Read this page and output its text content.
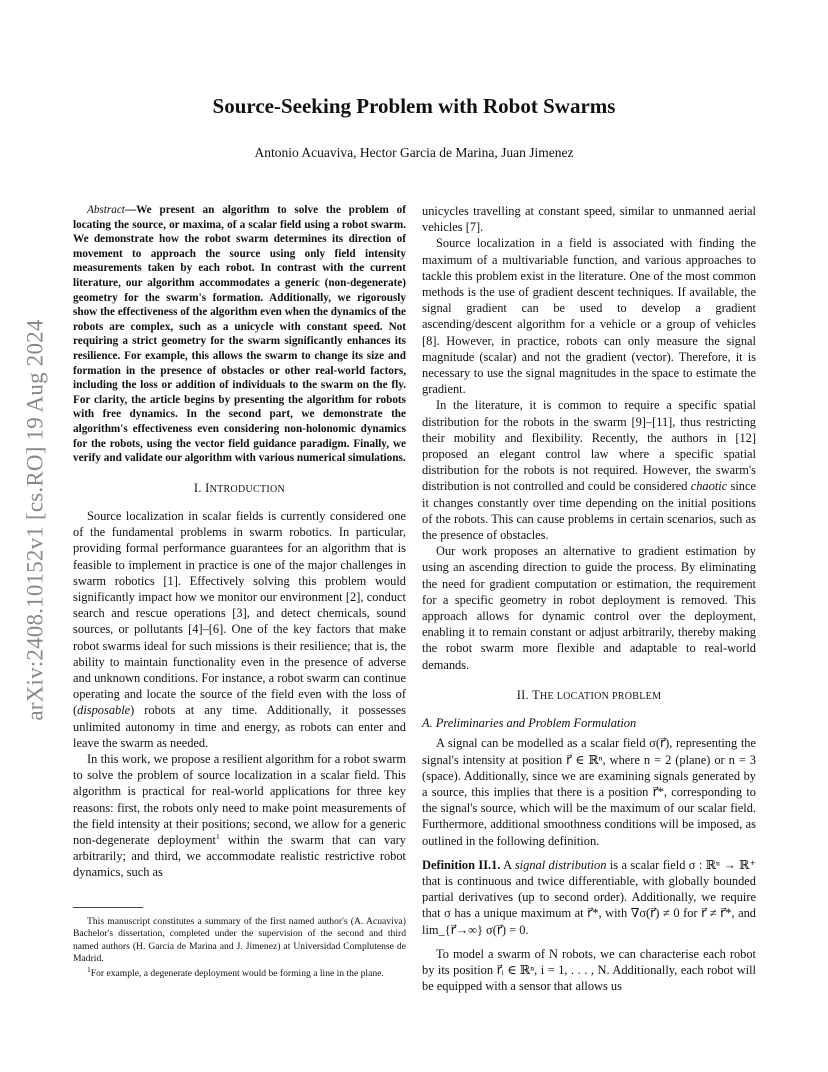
arXiv:2408.10152v1 [cs.RO] 19 Aug 2024
Source-Seeking Problem with Robot Swarms
Antonio Acuaviva, Hector Garcia de Marina, Juan Jimenez

Abstract—We present an algorithm to solve the problem of locating the source, or maxima, of a scalar field using a robot swarm. We demonstrate how the robot swarm determines its direction of movement to approach the source using only field intensity measurements taken by each robot. In contrast with the current literature, our algorithm accommodates a generic (non-degenerate) geometry for the swarm's formation. Additionally, we rigorously show the effectiveness of the algorithm even when the dynamics of the robots are complex, such as a unicycle with constant speed. Not requiring a strict geometry for the swarm significantly enhances its resilience. For example, this allows the swarm to change its size and formation in the presence of obstacles or other real-world factors, including the loss or addition of individuals to the swarm on the fly. For clarity, the article begins by presenting the algorithm for robots with free dynamics. In the second part, we demonstrate the algorithm's effectiveness even considering non-holonomic dynamics for the robots, using the vector field guidance paradigm. Finally, we verify and validate our algorithm with various numerical simulations.

I. INTRODUCTION

Source localization in scalar fields is currently considered one of the fundamental problems in swarm robotics. In particular, providing formal performance guarantees for an algorithm that is feasible to implement in practice is one of the major challenges in swarm robotics [1]. Effectively solving this problem would significantly impact how we monitor our environment [2], conduct search and rescue operations [3], and detect chemicals, sound sources, or pollutants [4]–[6]. One of the key factors that make robot swarms ideal for such missions is their resilience; that is, the ability to maintain functionality even in the presence of adverse and unknown conditions. For instance, a robot swarm can continue operating and locate the source of the field even with the loss of (disposable) robots at any time. Additionally, it possesses unlimited autonomy in time and energy, as robots can enter and leave the swarm as needed.

In this work, we propose a resilient algorithm for a robot swarm to solve the problem of source localization in a scalar field. This algorithm is practical for real-world applications for three key reasons: first, the robots only need to make point measurements of the field intensity at their positions; second, we allow for a generic non-degenerate deployment$^1$ within the swarm that can vary arbitrarily; and third, we accommodate realistic restrictive robot dynamics, such as

This manuscript constitutes a summary of the first named author's (A. Acuaviva) Bachelor's dissertation, completed under the supervision of the second and third named authors (H. Garcia de Marina and J. Jimenez) at Universidad Complutense de Madrid.

$^1$For example, a degenerate deployment would be forming a line in the plane.

unicycles travelling at constant speed, similar to unmanned aerial vehicles [7].

Source localization in a field is associated with finding the maximum of a multivariable function, and various approaches to tackle this problem exist in the literature. One of the most common methods is the use of gradient descent techniques. If available, the signal gradient can be used to develop a gradient ascending/descent algorithm for a vehicle or a group of vehicles [8]. However, in practice, robots can only measure the signal magnitude (scalar) and not the gradient (vector). Therefore, it is necessary to use the signal magnitudes in the space to estimate the gradient.

In the literature, it is common to require a specific spatial distribution for the robots in the swarm [9]–[11], thus restricting their mobility and flexibility. Recently, the authors in [12] proposed an elegant control law where a specific spatial distribution for the robots is not required. However, the swarm's distribution is not controlled and could be considered chaotic since it changes constantly over time depending on the initial positions of the robots. This can cause problems in certain scenarios, such as the presence of obstacles.

Our work proposes an alternative to gradient estimation by using an ascending direction to guide the process. By eliminating the need for gradient computation or estimation, the requirement for a specific geometry in robot deployment is removed. This approach allows for dynamic control over the deployment, enabling it to remain constant or adjust arbitrarily, thereby making the robot swarm more flexible and adaptable to real-world demands.

II. THE LOCATION PROBLEM

A. Preliminaries and Problem Formulation

A signal can be modelled as a scalar field σ(r⃗), representing the signal's intensity at position r⃗ ∈ ℝⁿ, where n = 2 (plane) or n = 3 (space). Additionally, since we are examining signals generated by a source, this implies that there is a position r⃗*, corresponding to the signal's source, which will be the maximum of our scalar field. Furthermore, additional smoothness conditions will be imposed, as outlined in the following definition.

Definition II.1. A signal distribution is a scalar field σ : ℝⁿ → ℝ⁺ that is continuous and twice differentiable, with globally bounded partial derivatives (up to second order). Additionally, we require that σ has a unique maximum at r⃗*, with ∇σ(r⃗) ≠ 0 for r⃗ ≠ r⃗*, and lim_{r⃗→∞} σ(r⃗) = 0.

To model a swarm of N robots, we can characterise each robot by its position r⃗ᵢ ∈ ℝⁿ, i = 1, . . . , N. Additionally, each robot will be equipped with a sensor that allows us
